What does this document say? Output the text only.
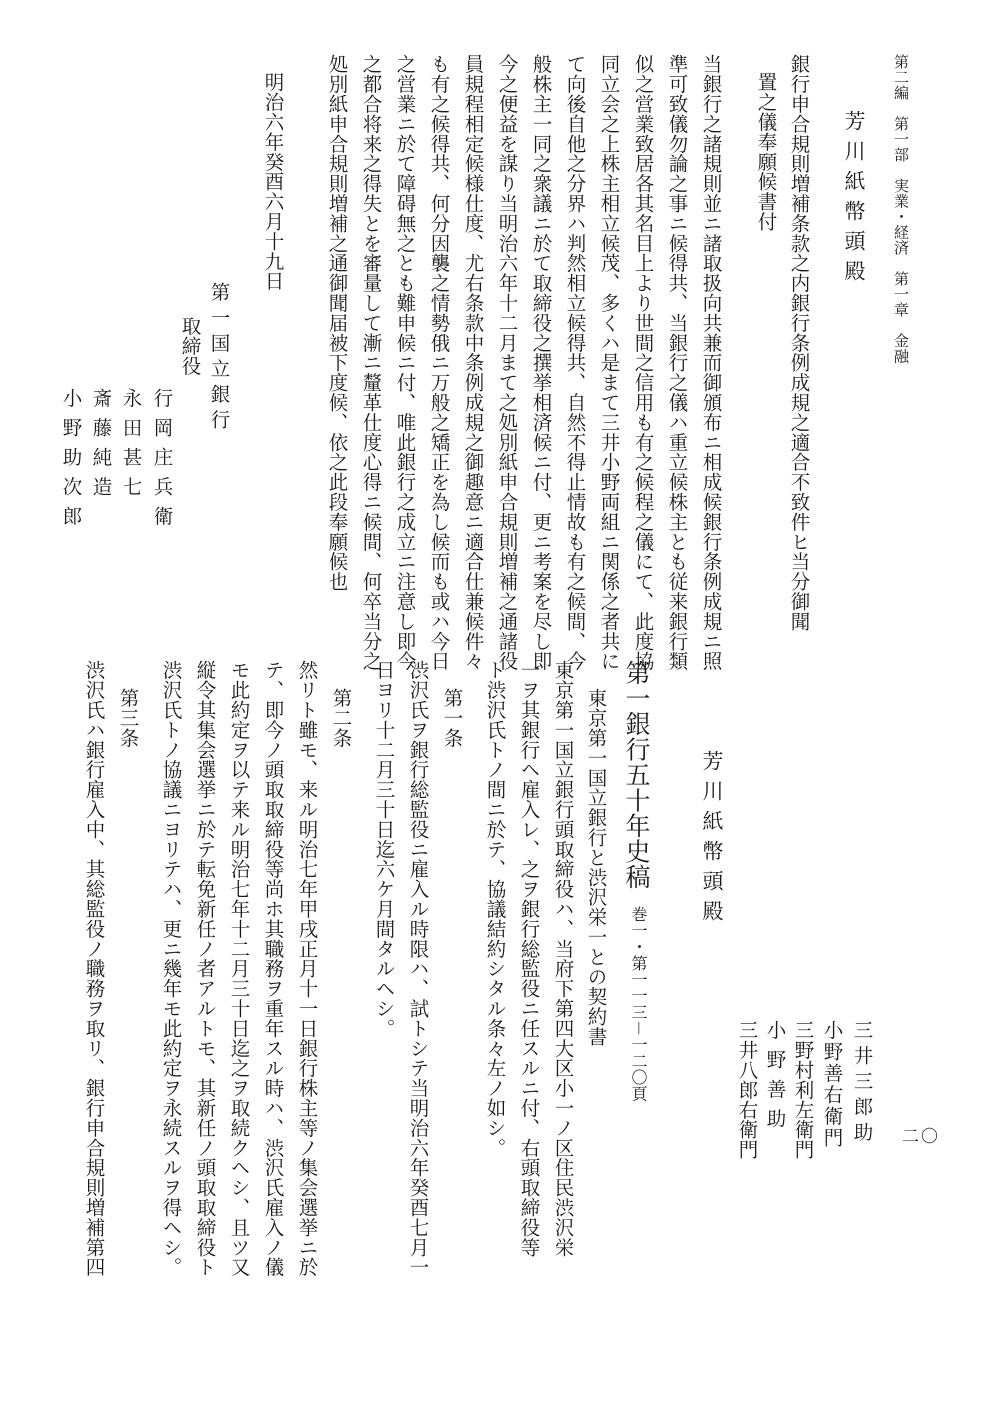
第二編　第一部　実業・経済　第一章　金融
二〇
芳川紙幣頭殿
銀行申合規則増補条款之内銀行条例成規之適合不致件ヒ当分御聞
置之儀奉願候書付
当銀行之諸規則並ニ諸取扱向共兼而御頒布ニ相成候銀行条例成規ニ照
準可致儀勿論之事ニ候得共、当銀行之儀ハ重立候株主とも従来銀行類
似之営業致居各其名目上より世間之信用も有之候程之儀にて、此度協
同立会之上株主相立候茂、多くハ是まて三井小野両組ニ関係之者共に
て向後自他之分界ハ判然相立候得共、自然不得止情故も有之候間、今
般株主一同之衆議ニ於て取締役之撰挙相済候ニ付、更ニ考案を尽し即
今之便益を謀り当明治六年十二月まて之処別紙申合規則増補之通諸役
員規程相定候様仕度、尤右条款中条例成規之御趣意ニ適合仕兼候件々
も有之候得共、何分因襲之情勢俄ニ万般之矯正を為し候而も或ハ今日
之営業ニ於て障碍無之とも難申候ニ付、唯此銀行之成立ニ注意し即今
之都合将来之得失とを審量して漸ニ釐革仕度心得ニ候間、何卒当分之
処別紙申合規則増補之通御聞届被下度候、依之此段奉願候也
明治六年癸酉六月十九日
第一国立銀行
取締役
行岡庄兵衛
永田甚七
斎藤純造
小野助次郎
三井三郎助
小野善右衛門
三野村利左衛門
小野善助
三井八郎右衛門
芳川紙幣頭殿
第一銀行五十年史稿
巻一・第一一三－一二〇頁
東京第一国立銀行と渋沢栄一との契約書
東京第一国立銀行頭取締役ハ、当府下第四大区小一ノ区住民渋沢栄
一ヲ其銀行ヘ雇入レ、之ヲ銀行総監役ニ任スルニ付、右頭取締役等
ト渋沢氏トノ間ニ於テ、協議結約シタル条々左ノ如シ。
第一条
渋沢氏ヲ銀行総監役ニ雇入ル時限ハ、試トシテ当明治六年癸酉七月一
日ヨリ十二月三十日迄六ケ月間タルヘシ。
第二条
然リト雖モ、来ル明治七年甲戌正月十一日銀行株主等ノ集会選挙ニ於
テ、即今ノ頭取取締役等尚ホ其職務ヲ重年スル時ハ、渋沢氏雇入ノ儀
モ此約定ヲ以テ来ル明治七年十二月三十日迄之ヲ取続クヘシ、且ツ又
縦令其集会選挙ニ於テ転免新任ノ者アルトモ、其新任ノ頭取取締役ト
渋沢氏トノ協議ニヨリテハ、更ニ幾年モ此約定ヲ永続スルヲ得ヘシ。
第三条
渋沢氏ハ銀行雇入中、其総監役ノ職務ヲ取リ、銀行申合規則増補第四
